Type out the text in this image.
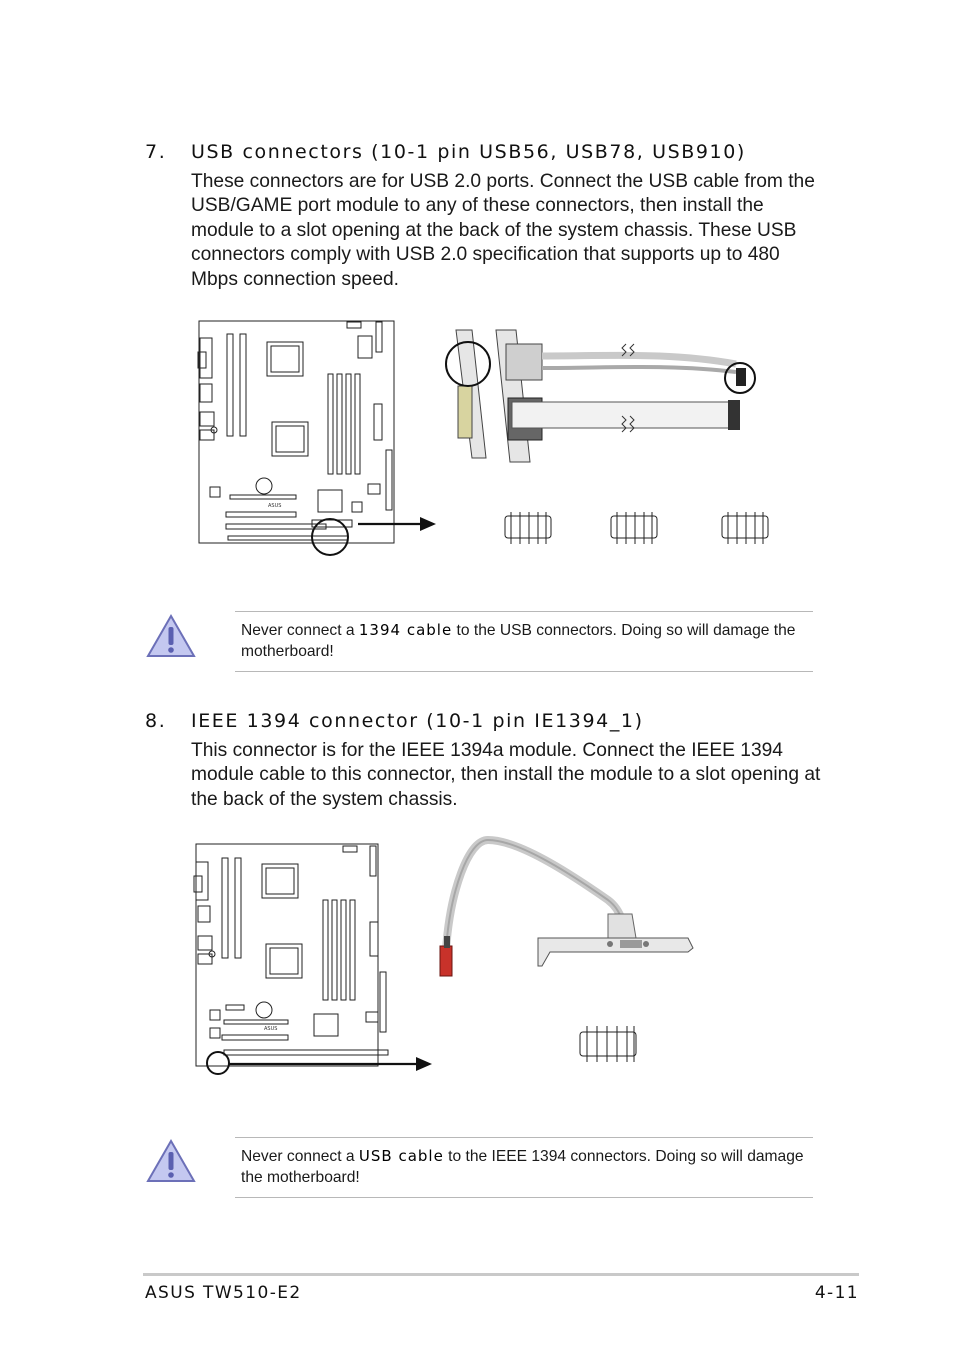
7. USB connectors (10-1 pin USB56, USB78, USB910)

These connectors are for USB 2.0 ports. Connect the USB cable from the USB/GAME port module to any of these connectors, then install the module to a slot opening at the back of the system chassis. These USB connectors comply with USB 2.0 specification that supports up to 480 Mbps connection speed.

ASUS
Never connect a 1394 cable to the USB connectors. Doing so will damage the motherboard!
8. IEEE 1394 connector (10-1 pin IE1394_1)

This connector is for the IEEE 1394a module. Connect the IEEE 1394 module cable to this connector, then install the module to a slot opening at the back of the system chassis.

ASUS
Never connect a USB cable to the IEEE 1394 connectors. Doing so will damage the motherboard!
ASUS TW510-E2	4-11
